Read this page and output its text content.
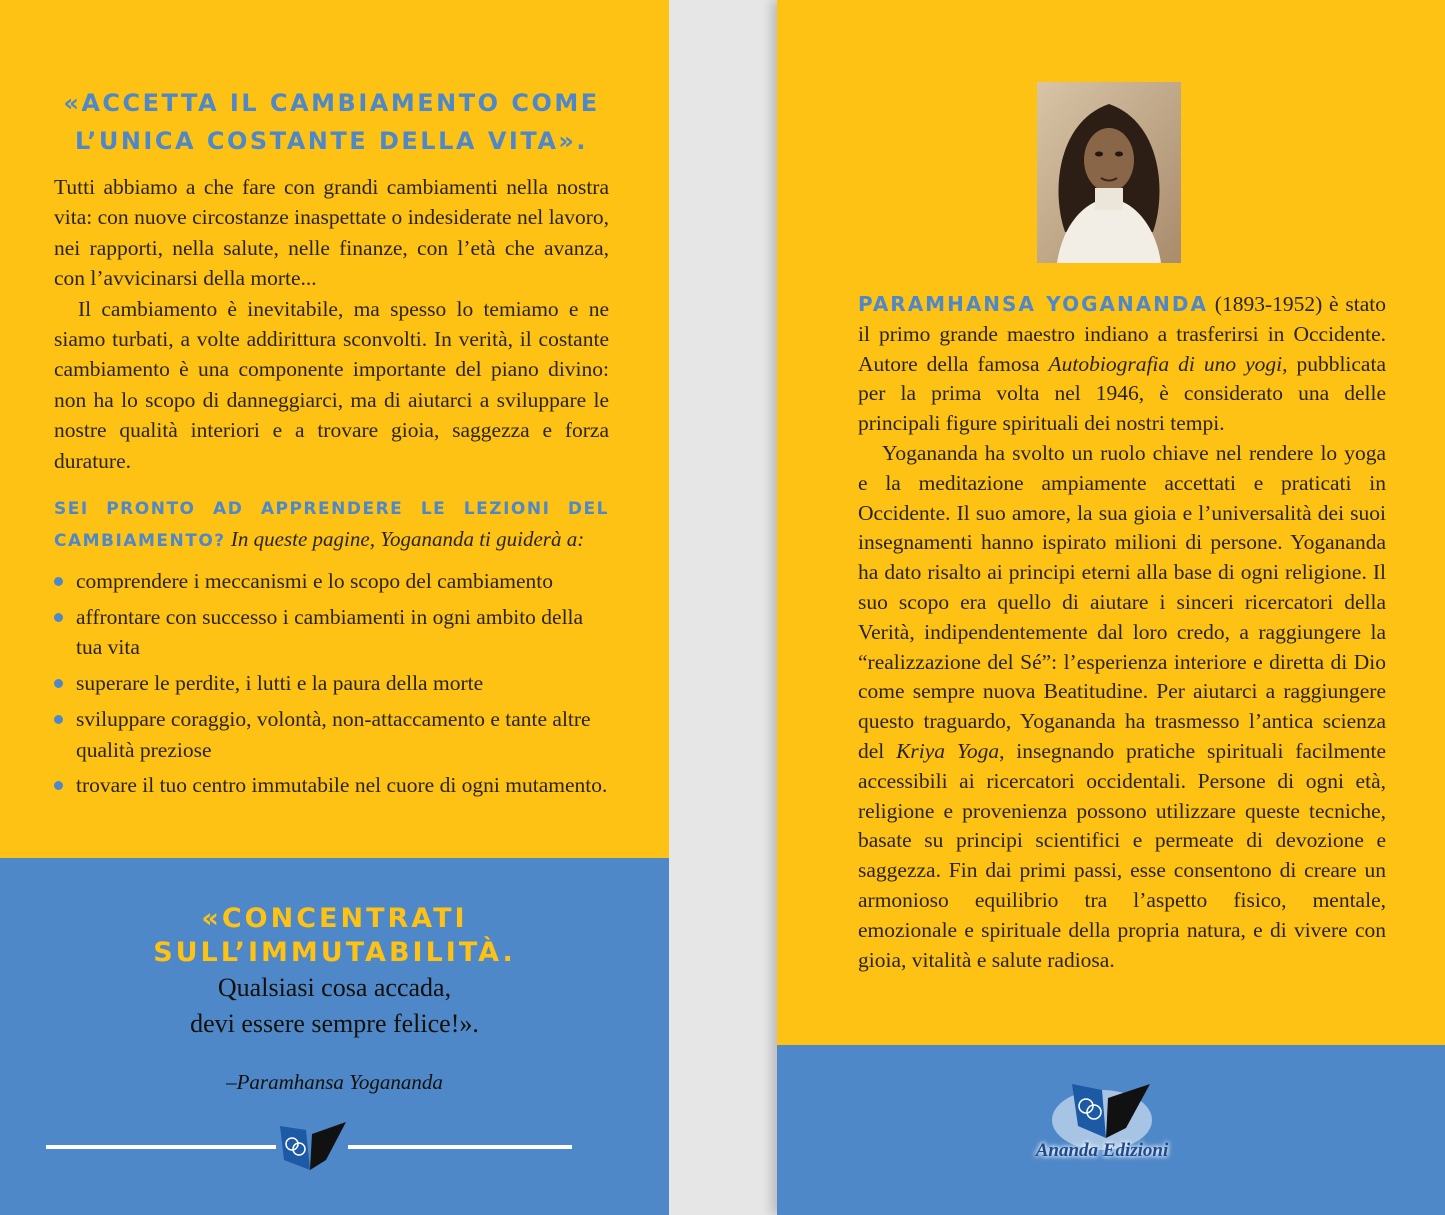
«ACCETTA IL CAMBIAMENTO COME L’UNICA COSTANTE DELLA VITA».

Tutti abbiamo a che fare con grandi cambiamenti nella nostra vita: con nuove circostanze inaspettate o indesiderate nel lavoro, nei rapporti, nella salute, nelle finanze, con l’età che avanza, con l’avvicinarsi della morte...

Il cambiamento è inevitabile, ma spesso lo temiamo e ne siamo turbati, a volte addirittura sconvolti. In verità, il costante cambiamento è una componente importante del piano divino: non ha lo scopo di danneggiarci, ma di aiutarci a sviluppare le nostre qualità interiori e a trovare gioia, saggezza e forza durature.

SEI PRONTO AD APPRENDERE LE LEZIONI DEL CAMBIAMENTO? In queste pagine, Yogananda ti guiderà a:

comprendere i meccanismi e lo scopo del cambiamento
affrontare con successo i cambiamenti in ogni ambito della tua vita
superare le perdite, i lutti e la paura della morte
sviluppare coraggio, volontà, non-attaccamento e tante altre qualità preziose
trovare il tuo centro immutabile nel cuore di ogni mutamento.
«CONCENTRATI
SULL’IMMUTABILITÀ.
Qualsiasi cosa accada,
devi essere sempre felice!».
–Paramhansa Yogananda

PARAMHANSA YOGANANDA (1893-1952) è stato il primo grande maestro indiano a trasferirsi in Occidente. Autore della famosa Autobiografia di uno yogi, pubblicata per la prima volta nel 1946, è considerato una delle principali figure spirituali dei nostri tempi.

Yogananda ha svolto un ruolo chiave nel rendere lo yoga e la meditazione ampiamente accettati e praticati in Occidente. Il suo amore, la sua gioia e l’universalità dei suoi insegnamenti hanno ispirato milioni di persone. Yogananda ha dato risalto ai principi eterni alla base di ogni religione. Il suo scopo era quello di aiutare i sinceri ricercatori della Verità, indipendentemente dal loro credo, a raggiungere la “realizzazione del Sé”: l’esperienza interiore e diretta di Dio come sempre nuova Beatitudine. Per aiutarci a raggiungere questo traguardo, Yogananda ha trasmesso l’antica scienza del Kriya Yoga, insegnando pratiche spirituali facilmente accessibili ai ricercatori occidentali. Persone di ogni età, religione e provenienza possono utilizzare queste tecniche, basate su principi scientifici e permeate di devozione e saggezza. Fin dai primi passi, esse consentono di creare un armonioso equilibrio tra l’aspetto fisico, mentale, emozionale e spirituale della propria natura, e di vivere con gioia, vitalità e salute radiosa.

Ananda Edizioni
